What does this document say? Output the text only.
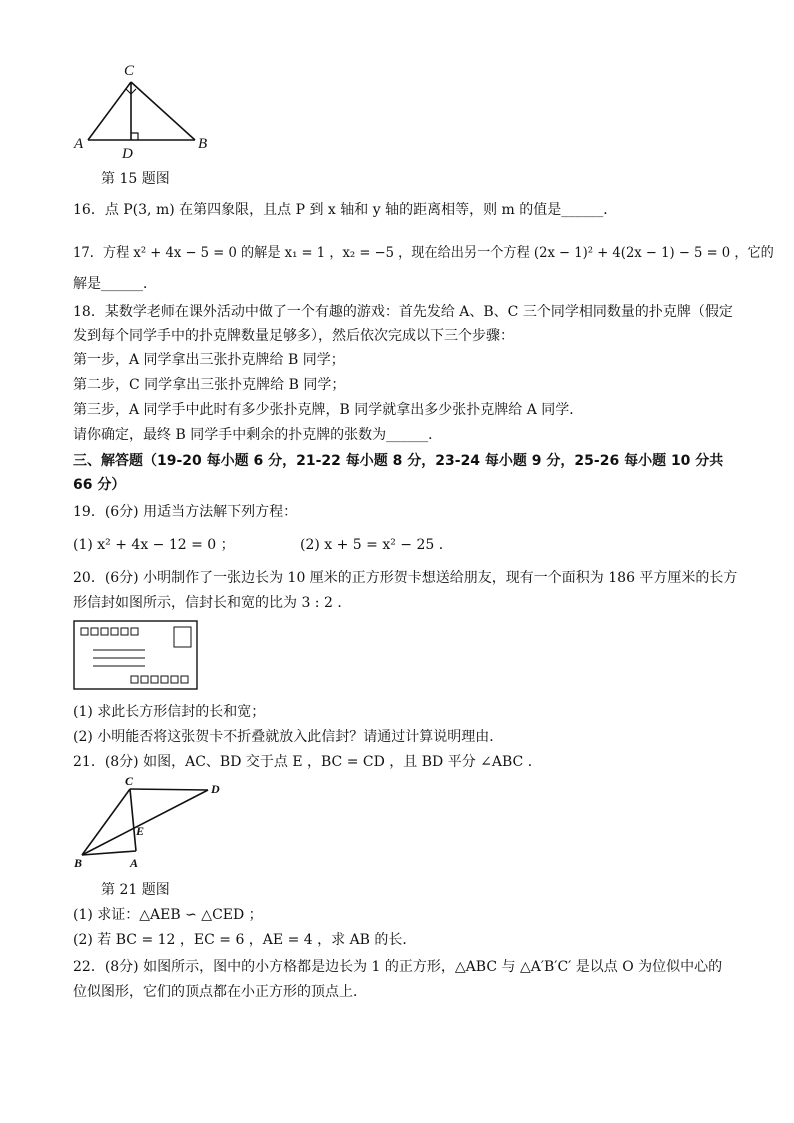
C
A	B
D
第 15 题图
16．点 P(3, m) 在第四象限，且点 P 到 x 轴和 y 轴的距离相等，则 m 的值是______．
17．方程 x² + 4x − 5 = 0 的解是 x₁ = 1 ，x₂ = −5 ，现在给出另一个方程 (2x − 1)² + 4(2x − 1) − 5 = 0 ，它的
解是______．
18．某数学老师在课外活动中做了一个有趣的游戏：首先发给 A、B、C 三个同学相同数量的扑克牌（假定
发到每个同学手中的扑克牌数量足够多），然后依次完成以下三个步骤：
第一步，A 同学拿出三张扑克牌给 B 同学；
第二步，C 同学拿出三张扑克牌给 B 同学；
第三步，A 同学手中此时有多少张扑克牌，B 同学就拿出多少张扑克牌给 A 同学．
请你确定，最终 B 同学手中剩余的扑克牌的张数为______．
三、解答题（19-20 每小题 6 分，21-22 每小题 8 分，23-24 每小题 9 分，25-26 每小题 10 分共
66 分）
19．(6分) 用适当方法解下列方程：
(1) x² + 4x − 12 = 0 ；	(2) x + 5 = x² − 25 ．
20．(6分) 小明制作了一张边长为 10 厘米的正方形贺卡想送给朋友，现有一个面积为 186 平方厘米的长方
形信封如图所示，信封长和宽的比为 3 : 2 ．
(1) 求此长方形信封的长和宽；
(2) 小明能否将这张贺卡不折叠就放入此信封？请通过计算说明理由．
21．(8分) 如图，AC、BD 交于点 E ，BC = CD ，且 BD 平分 ∠ABC ．
C
D
E
B	A
第 21 题图
(1) 求证：△AEB ∽ △CED ；
(2) 若 BC = 12 ，EC = 6 ，AE = 4 ，求 AB 的长．
22．(8分) 如图所示，图中的小方格都是边长为 1 的正方形，△ABC 与 △A′B′C′ 是以点 O 为位似中心的
位似图形，它们的顶点都在小正方形的顶点上．
